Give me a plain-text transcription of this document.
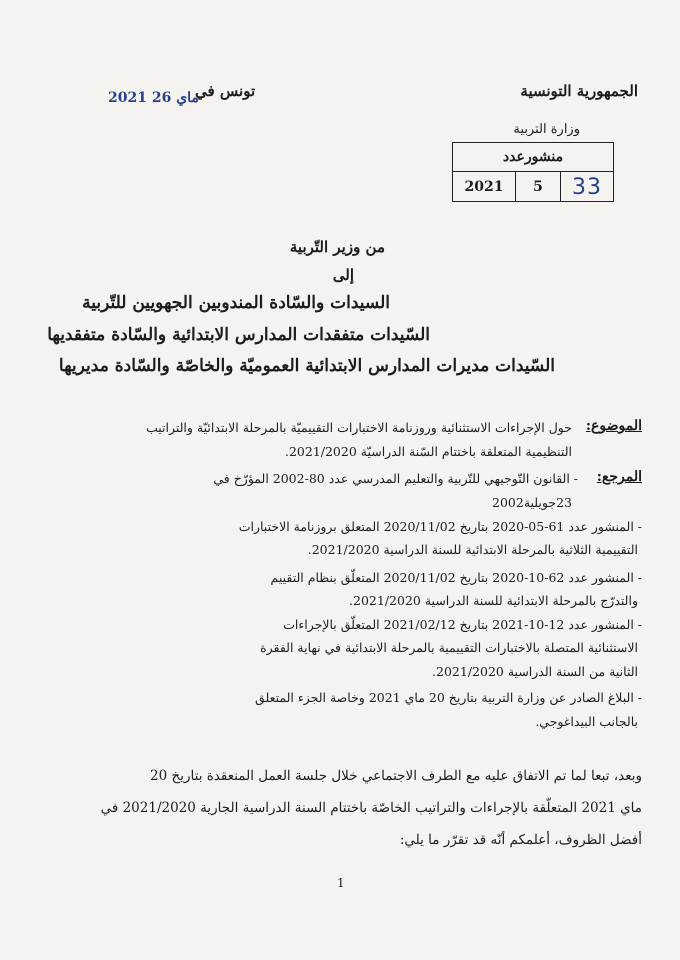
الجمهورية التونسية
وزارة التربية
تونس في
2021 ماي 26
منشورعدد
2021	5	33
من وزير التّربية
إلى
السيدات والسّادة المندوبين الجهويين للتّربية
السّيدات متفقدات المدارس الابتدائية والسّادة متفقديها
السّيدات مديرات المدارس الابتدائية العموميّة والخاصّة والسّادة مديريها
الموضوع:
حول الإجراءات الاستثنائية وروزنامة الاختبارات التقييميّة بالمرحلة الابتدائيّة والتراتيب
التنظيمية المتعلقة باختتام السّنة الدراسيّة 2021/2020.
المرجع:
- القانون التّوجيهي للتّربية والتعليم المدرسي عدد 80-2002 المؤرّخ في
23جويلية2002
- المنشور عدد 61-05-2020 بتاريخ 2020/11/02 المتعلق بروزنامة الاختبارات
التقييمية الثلاثية بالمرحلة الابتدائية للسنة الدراسية 2021/2020.
- المنشور عدد 62-10-2020 بتاريخ 2020/11/02 المتعلّق بنظام التقييم
والتدرّج بالمرحلة الابتدائية للسنة الدراسية 2021/2020.
- المنشور عدد 12-10-2021 بتاريخ 2021/02/12 المتعلّق بالإجراءات
الاستثنائية المتصلة بالاختبارات التقييمية بالمرحلة الابتدائية في نهاية الفقرة
الثانية من السنة الدراسية 2021/2020.
- البلاغ الصادر عن وزارة التربية بتاريخ 20 ماي 2021 وخاصة الجزء المتعلق
بالجانب البيداغوجي.
وبعد، تبعا لما تم الاتفاق عليه مع الطرف الاجتماعي خلال جلسة العمل المنعقدة بتاريخ 20
ماي 2021 المتعلّقة بالإجراءات والتراتيب الخاصّة باختتام السنة الدراسية الجارية 2021/2020 في
أفضل الظروف، أعلمكم أنّه قد تقرّر ما يلي:
1
